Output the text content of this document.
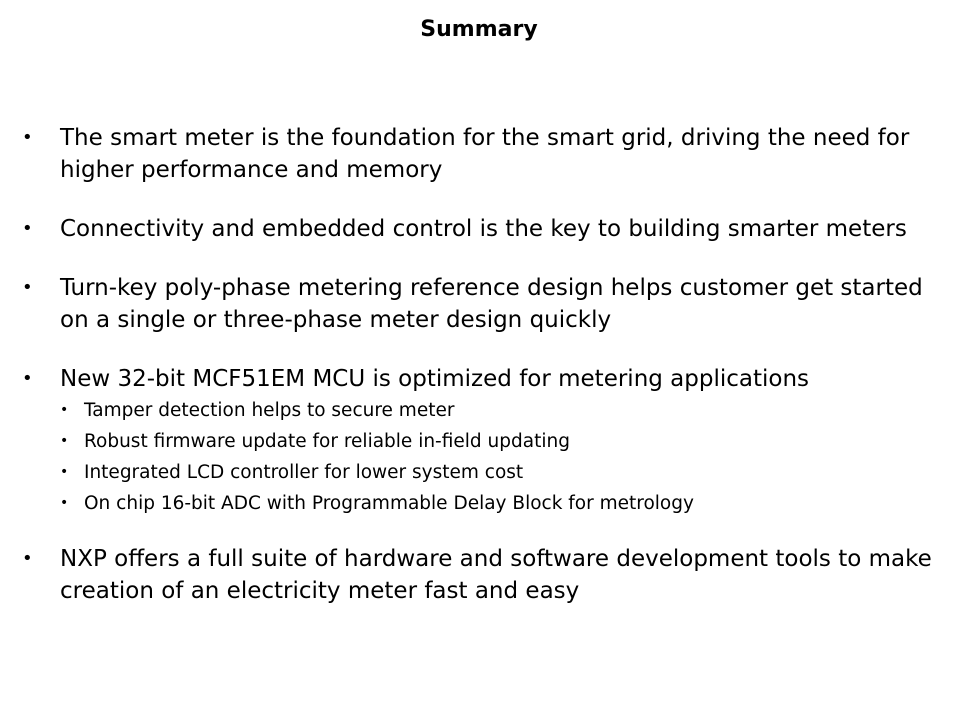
Summary
•	The smart meter is the foundation for the smart grid, driving the need for higher performance and memory
•	Connectivity and embedded control is the key to building smarter meters
•	Turn-key poly-phase metering reference design helps customer get started on a single or three-phase meter design quickly
•	New 32-bit MCF51EM MCU is optimized for metering applications
• Tamper detection helps to secure meter
• Robust firmware update for reliable in-field updating
• Integrated LCD controller for lower system cost
• On chip 16-bit ADC with Programmable Delay Block for metrology
•	NXP offers a full suite of hardware and software development tools to make creation of an electricity meter fast and easy
